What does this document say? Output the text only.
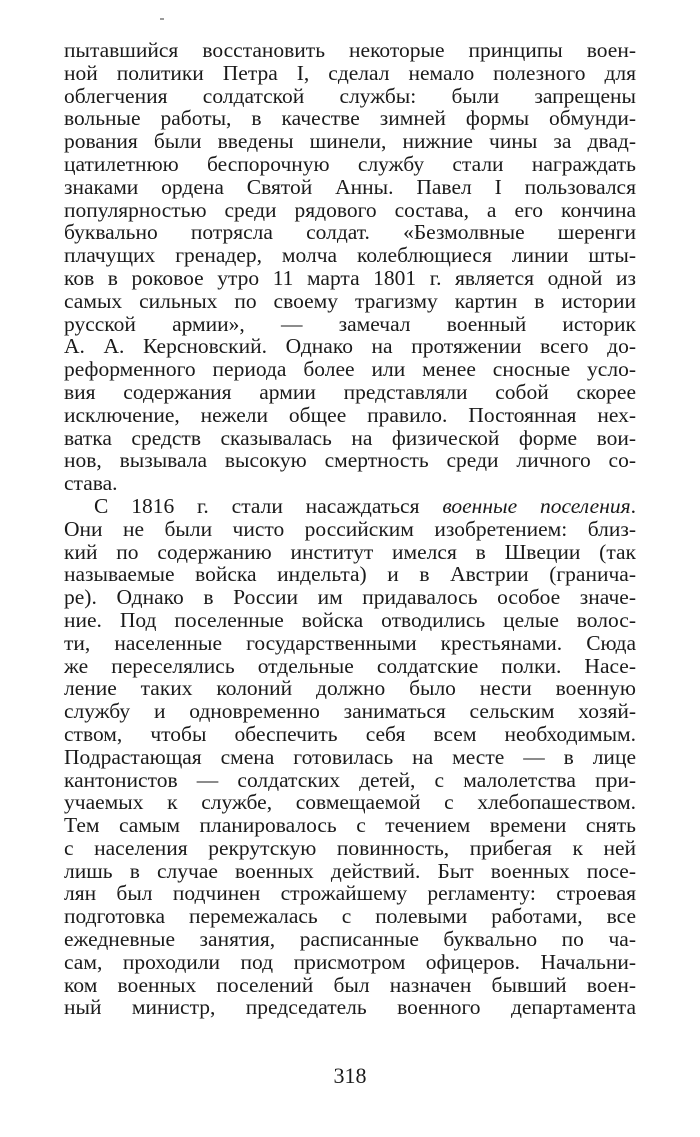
пытавшийся восстановить некоторые принципы воен-
ной политики Петра I, сделал немало полезного для
облегчения солдатской службы: были запрещены
вольные работы, в качестве зимней формы обмунди-
рования были введены шинели, нижние чины за двад-
цатилетнюю беспорочную службу стали награждать
знаками ордена Святой Анны. Павел I пользовался
популярностью среди рядового состава, а его кончина
буквально потрясла солдат. «Безмолвные шеренги
плачущих гренадер, молча колеблющиеся линии шты-
ков в роковое утро 11 марта 1801 г. является одной из
самых сильных по своему трагизму картин в истории
русской армии», — замечал военный историк
А. А. Керсновский. Однако на протяжении всего до-
реформенного периода более или менее сносные усло-
вия содержания армии представляли собой скорее
исключение, нежели общее правило. Постоянная нех-
ватка средств сказывалась на физической форме вои-
нов, вызывала высокую смертность среди личного со-
става.
С 1816 г. стали насаждаться военные поселения.
Они не были чисто российским изобретением: близ-
кий по содержанию институт имелся в Швеции (так
называемые войска индельта) и в Австрии (гранича-
ре). Однако в России им придавалось особое значе-
ние. Под поселенные войска отводились целые волос-
ти, населенные государственными крестьянами. Сюда
же переселялись отдельные солдатские полки. Насе-
ление таких колоний должно было нести военную
службу и одновременно заниматься сельским хозяй-
ством, чтобы обеспечить себя всем необходимым.
Подрастающая смена готовилась на месте — в лице
кантонистов — солдатских детей, с малолетства при-
учаемых к службе, совмещаемой с хлебопашеством.
Тем самым планировалось с течением времени снять
с населения рекрутскую повинность, прибегая к ней
лишь в случае военных действий. Быт военных посе-
лян был подчинен строжайшему регламенту: строевая
подготовка перемежалась с полевыми работами, все
ежедневные занятия, расписанные буквально по ча-
сам, проходили под присмотром офицеров. Начальни-
ком военных поселений был назначен бывший воен-
ный министр, председатель военного департамента
318
